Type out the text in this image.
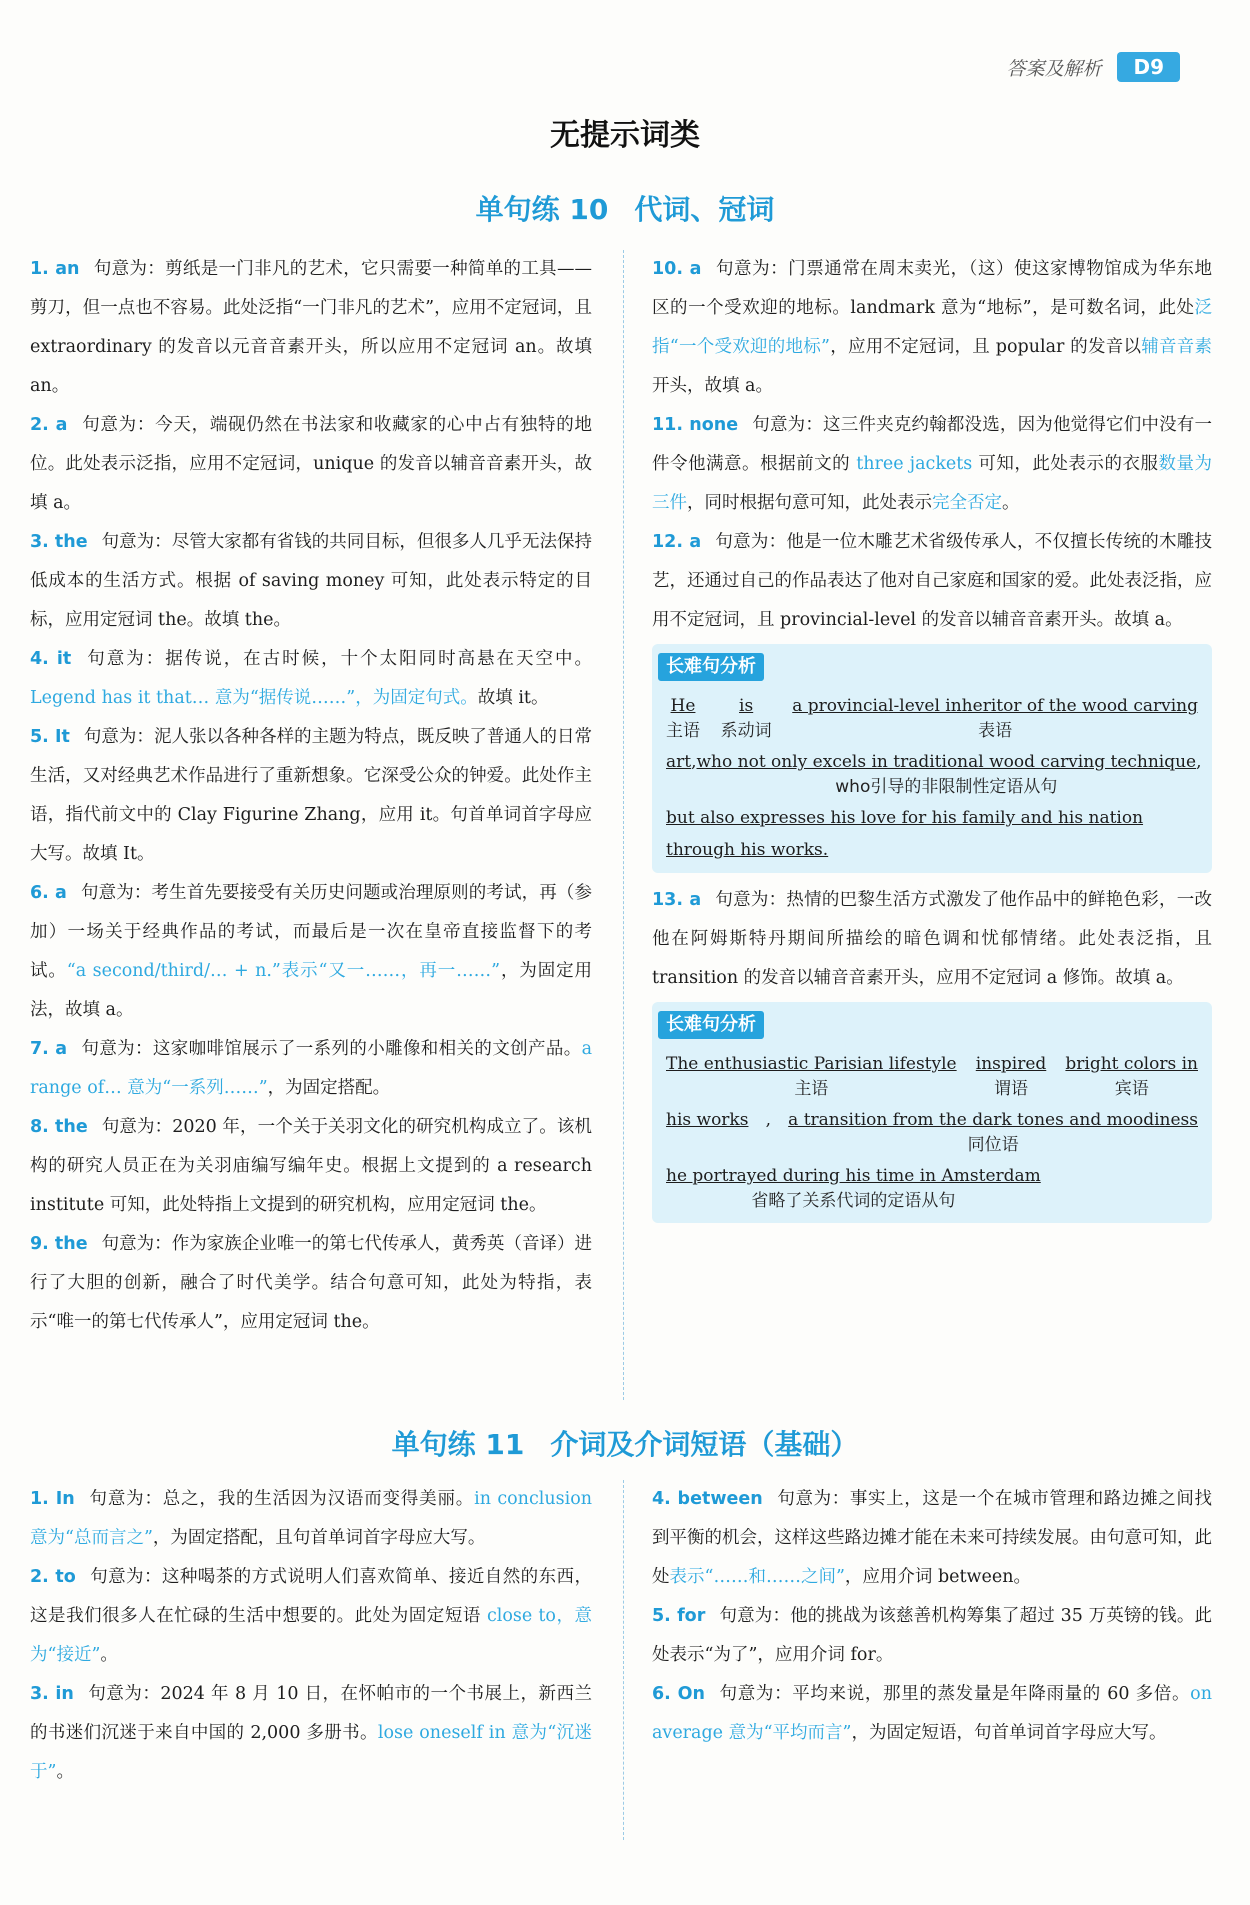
答案及解析	D9
无提示词类
单句练 10 代词、冠词

1. an 句意为：剪纸是一门非凡的艺术，它只需要一种简单的工具——剪刀，但一点也不容易。此处泛指“一门非凡的艺术”，应用不定冠词，且 extraordinary 的发音以元音音素开头，所以应用不定冠词 an。故填 an。

2. a 句意为：今天，端砚仍然在书法家和收藏家的心中占有独特的地位。此处表示泛指，应用不定冠词，unique 的发音以辅音音素开头，故填 a。

3. the 句意为：尽管大家都有省钱的共同目标，但很多人几乎无法保持低成本的生活方式。根据 of saving money 可知，此处表示特定的目标，应用定冠词 the。故填 the。

4. it 句意为：据传说，在古时候，十个太阳同时高悬在天空中。Legend has it that… 意为“据传说……”，为固定句式。故填 it。

5. It 句意为：泥人张以各种各样的主题为特点，既反映了普通人的日常生活，又对经典艺术作品进行了重新想象。它深受公众的钟爱。此处作主语，指代前文中的 Clay Figurine Zhang，应用 it。句首单词首字母应大写。故填 It。

6. a 句意为：考生首先要接受有关历史问题或治理原则的考试，再（参加）一场关于经典作品的考试，而最后是一次在皇帝直接监督下的考试。“a second/third/… + n.”表示“又一……，再一……”，为固定用法，故填 a。

7. a 句意为：这家咖啡馆展示了一系列的小雕像和相关的文创产品。a range of… 意为“一系列……”，为固定搭配。

8. the 句意为：2020 年，一个关于关羽文化的研究机构成立了。该机构的研究人员正在为关羽庙编写编年史。根据上文提到的 a research institute 可知，此处特指上文提到的研究机构，应用定冠词 the。

9. the 句意为：作为家族企业唯一的第七代传承人，黄秀英（音译）进行了大胆的创新，融合了时代美学。结合句意可知，此处为特指，表示“唯一的第七代传承人”，应用定冠词 the。

10. a 句意为：门票通常在周末卖光，（这）使这家博物馆成为华东地区的一个受欢迎的地标。landmark 意为“地标”，是可数名词，此处泛指“一个受欢迎的地标”，应用不定冠词，且 popular 的发音以辅音音素开头，故填 a。

11. none 句意为：这三件夹克约翰都没选，因为他觉得它们中没有一件令他满意。根据前文的 three jackets 可知，此处表示的衣服数量为三件，同时根据句意可知，此处表示完全否定。

12. a 句意为：他是一位木雕艺术省级传承人，不仅擅长传统的木雕技艺，还通过自己的作品表达了他对自己家庭和国家的爱。此处表泛指，应用不定冠词，且 provincial-level 的发音以辅音音素开头。故填 a。

长难句分析
He
主语
is
系动词
a provincial-level inheritor of the wood carving
表语
art , who not only excels in traditional wood carving technique
who引导的非限制性定语从句
,
but also expresses his love for his family and his nation
through his works.

13. a 句意为：热情的巴黎生活方式激发了他作品中的鲜艳色彩，一改他在阿姆斯特丹期间所描绘的暗色调和忧郁情绪。此处表泛指，且 transition 的发音以辅音音素开头，应用不定冠词 a 修饰。故填 a。

长难句分析
The enthusiastic Parisian lifestyle
主语
inspired
谓语
bright colors in
宾语
his works , a transition from the dark tones and moodiness
同位语
he portrayed during his time in Amsterdam
省略了关系代词的定语从句
单句练 11 介词及介词短语（基础）

1. In 句意为：总之，我的生活因为汉语而变得美丽。in conclusion 意为“总而言之”，为固定搭配，且句首单词首字母应大写。

2. to 句意为：这种喝茶的方式说明人们喜欢简单、接近自然的东西，这是我们很多人在忙碌的生活中想要的。此处为固定短语 close to，意为“接近”。

3. in 句意为：2024 年 8 月 10 日，在怀帕市的一个书展上，新西兰的书迷们沉迷于来自中国的 2,000 多册书。lose oneself in 意为“沉迷于”。

4. between 句意为：事实上，这是一个在城市管理和路边摊之间找到平衡的机会，这样这些路边摊才能在未来可持续发展。由句意可知，此处表示“……和……之间”，应用介词 between。

5. for 句意为：他的挑战为该慈善机构筹集了超过 35 万英镑的钱。此处表示“为了”，应用介词 for。

6. On 句意为：平均来说，那里的蒸发量是年降雨量的 60 多倍。on average 意为“平均而言”，为固定短语，句首单词首字母应大写。
